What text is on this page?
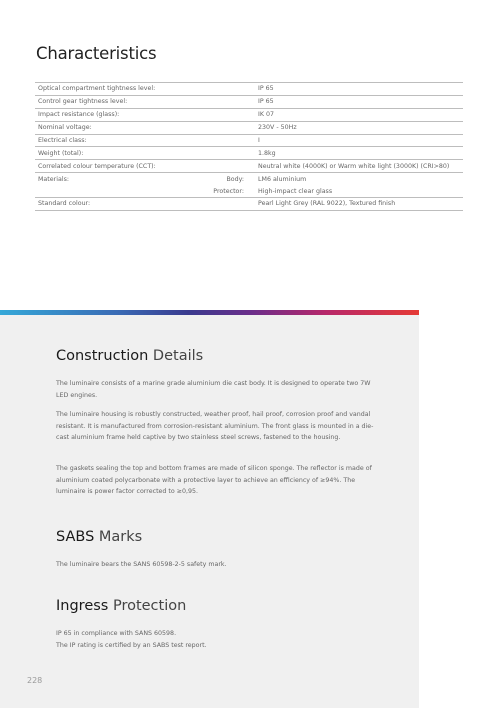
Characteristics
Optical compartment tightness level:		IP 65
Control gear tightness level:		IP 65
Impact resistance (glass):		IK 07
Nominal voltage:		230V - 50Hz
Electrical class:		I
Weight (total):		1.8kg
Correlated colour temperature (CCT):		Neutral white (4000K) or Warm white light (3000K) (CRI>80)
Materials:	Body:	LM6 aluminium
	Protector:	High-impact clear glass
Standard colour:		Pearl Light Grey (RAL 9022), Textured finish
Construction Details

The luminaire consists of a marine grade aluminium die cast body. It is designed to operate two 7W LED engines.

The luminaire housing is robustly constructed, weather proof, hail proof, corrosion proof and vandal resistant. It is manufactured from corrosion-resistant aluminium. The front glass is mounted in a die-cast aluminium frame held captive by two stainless steel screws, fastened to the housing.

The gaskets sealing the top and bottom frames are made of silicon sponge. The reflector is made of aluminium coated polycarbonate with a protective layer to achieve an efficiency of ≥94%. The luminaire is power factor corrected to ≥0,95.

SABS Marks

The luminaire bears the SANS 60598-2-5 safety mark.

Ingress Protection

IP 65 in compliance with SANS 60598.
The IP rating is certified by an SABS test report.

228
